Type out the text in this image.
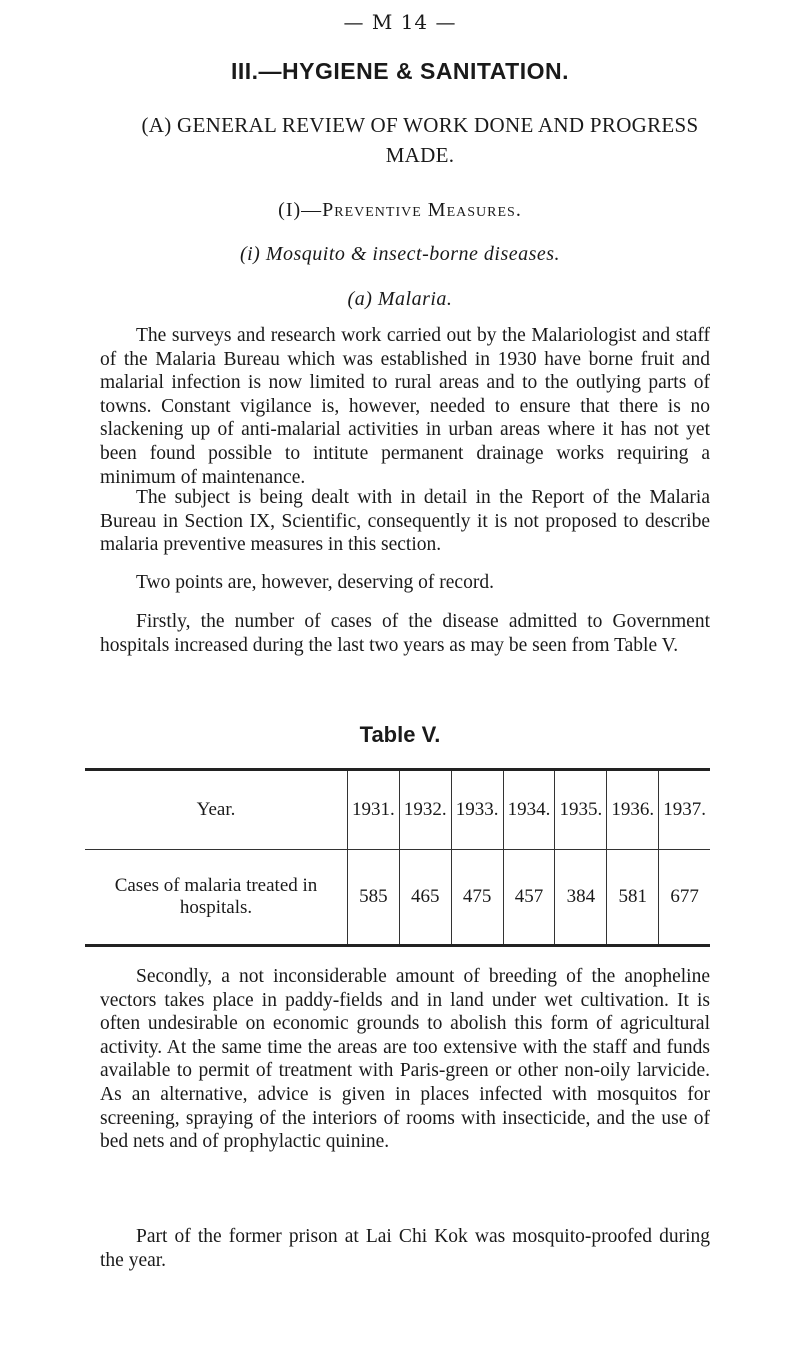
— M 14 —
III.—HYGIENE & SANITATION.
(A) GENERAL REVIEW OF WORK DONE AND PROGRESS MADE.
(I)—Preventive Measures.
(i) Mosquito & insect-borne diseases.
(a) Malaria.

The surveys and research work carried out by the Malariologist and staff of the Malaria Bureau which was established in 1930 have borne fruit and malarial infection is now limited to rural areas and to the outlying parts of towns. Constant vigilance is, however, needed to ensure that there is no slackening up of anti-malarial activities in urban areas where it has not yet been found possible to intitute permanent drainage works requiring a minimum of maintenance.

The subject is being dealt with in detail in the Report of the Malaria Bureau in Section IX, Scientific, consequently it is not proposed to describe malaria preventive measures in this section.

Two points are, however, deserving of record.

Firstly, the number of cases of the disease admitted to Government hospitals increased during the last two years as may be seen from Table V.

Table V.
Year.	1931.	1932.	1933.	1934.	1935.	1936.	1937.
Cases of malaria treated in hospitals.	585	465	475	457	384	581	677

Secondly, a not inconsiderable amount of breeding of the anopheline vectors takes place in paddy-fields and in land under wet cultivation. It is often undesirable on economic grounds to abolish this form of agricultural activity. At the same time the areas are too extensive with the staff and funds available to permit of treatment with Paris-green or other non-oily larvicide. As an alternative, advice is given in places infected with mosquitos for screening, spraying of the interiors of rooms with insecticide, and the use of bed nets and of prophylactic quinine.

Part of the former prison at Lai Chi Kok was mosquito-proofed during the year.
